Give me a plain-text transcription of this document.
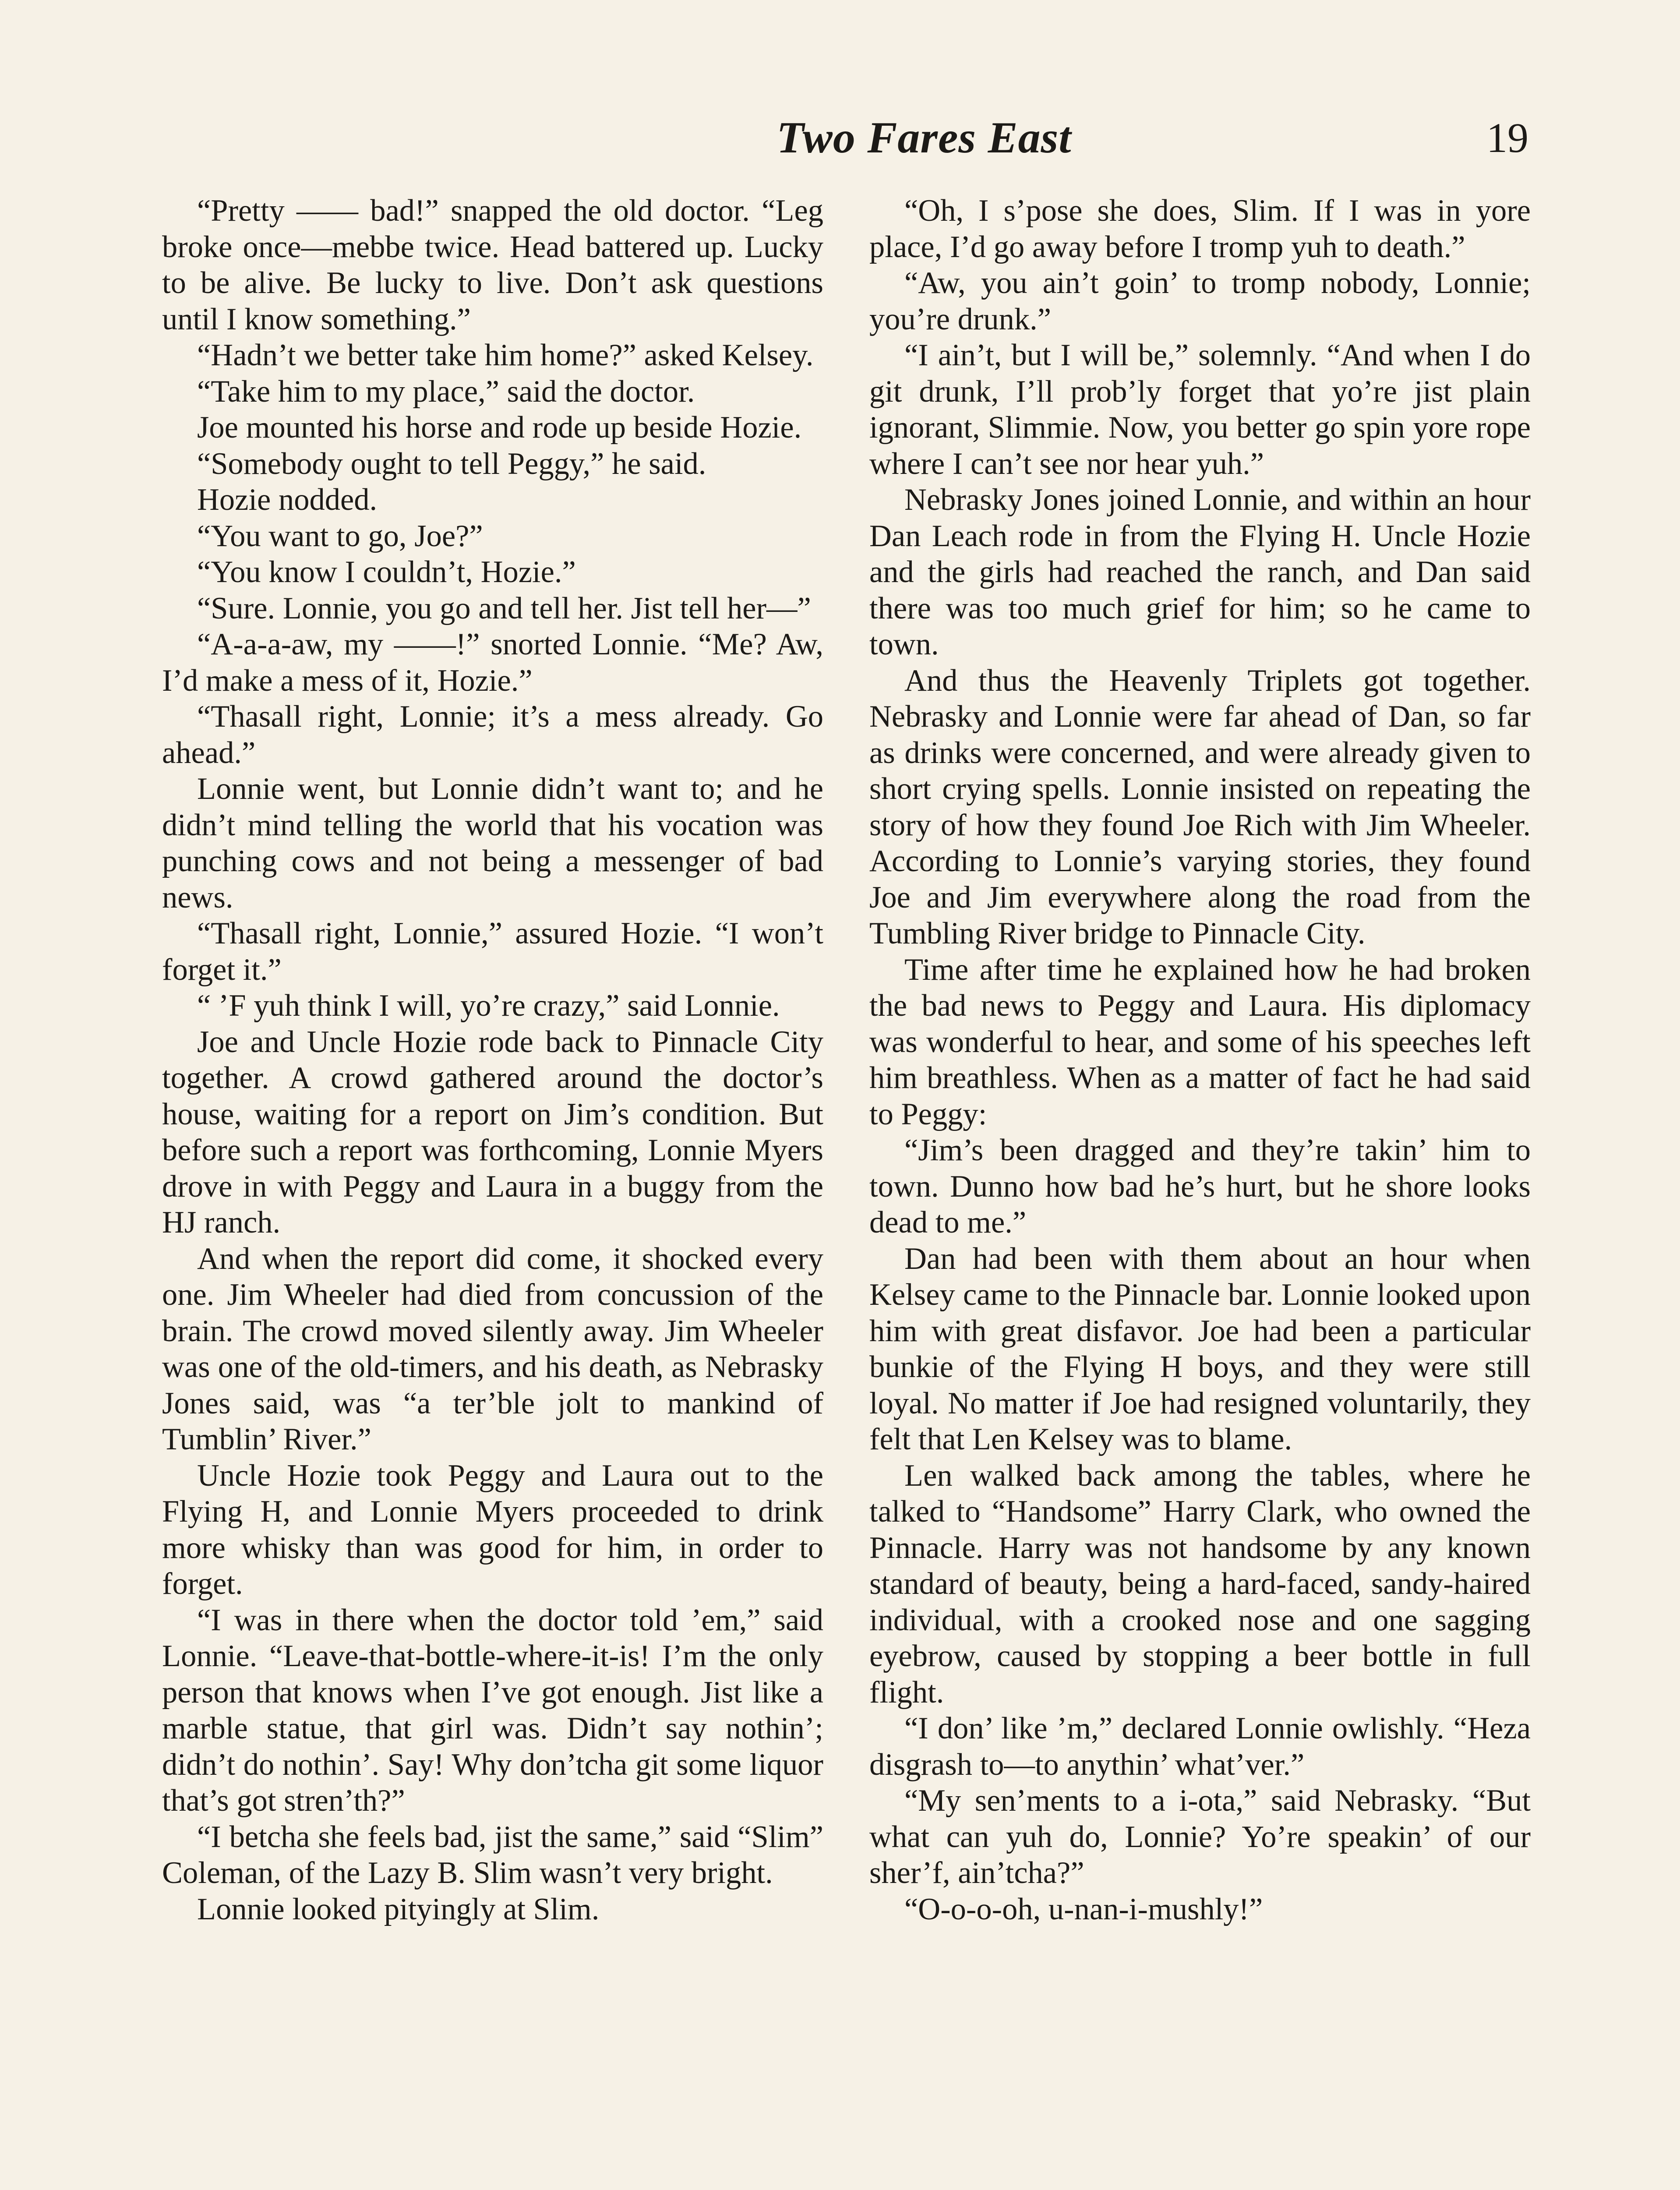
Two Fares East	19

“Pretty —— bad!” snapped the old doctor. “Leg broke once—mebbe twice. Head battered up. Lucky to be alive. Be lucky to live. Don’t ask questions until I know something.”

“Hadn’t we better take him home?” asked Kelsey.

“Take him to my place,” said the doctor.

Joe mounted his horse and rode up beside Hozie.

“Somebody ought to tell Peggy,” he said.

Hozie nodded.

“You want to go, Joe?”

“You know I couldn’t, Hozie.”

“Sure. Lonnie, you go and tell her. Jist tell her—”

“A-a-a-aw, my ——!” snorted Lonnie. “Me? Aw, I’d make a mess of it, Hozie.”

“Thasall right, Lonnie; it’s a mess already. Go ahead.”

Lonnie went, but Lonnie didn’t want to; and he didn’t mind telling the world that his vocation was punching cows and not being a messenger of bad news.

“Thasall right, Lonnie,” assured Hozie. “I won’t forget it.”

“ ’F yuh think I will, yo’re crazy,” said Lonnie.

Joe and Uncle Hozie rode back to Pinnacle City together. A crowd gathered around the doctor’s house, waiting for a report on Jim’s condition. But before such a report was forthcoming, Lonnie Myers drove in with Peggy and Laura in a buggy from the HJ ranch.

And when the report did come, it shocked every one. Jim Wheeler had died from concussion of the brain. The crowd moved silently away. Jim Wheeler was one of the old-timers, and his death, as Nebrasky Jones said, was “a ter’ble jolt to mankind of Tumblin’ River.”

Uncle Hozie took Peggy and Laura out to the Flying H, and Lonnie Myers proceeded to drink more whisky than was good for him, in order to forget.

“I was in there when the doctor told ’em,” said Lonnie. “Leave-that-bottle-where-it-is! I’m the only person that knows when I’ve got enough. Jist like a marble statue, that girl was. Didn’t say nothin’; didn’t do nothin’. Say! Why don’tcha git some liquor that’s got stren’th?”

“I betcha she feels bad, jist the same,” said “Slim” Coleman, of the Lazy B. Slim wasn’t very bright.

Lonnie looked pityingly at Slim.

“Oh, I s’pose she does, Slim. If I was in yore place, I’d go away before I tromp yuh to death.”

“Aw, you ain’t goin’ to tromp nobody, Lonnie; you’re drunk.”

“I ain’t, but I will be,” solemnly. “And when I do git drunk, I’ll prob’ly forget that yo’re jist plain ignorant, Slimmie. Now, you better go spin yore rope where I can’t see nor hear yuh.”

Nebrasky Jones joined Lonnie, and within an hour Dan Leach rode in from the Flying H. Uncle Hozie and the girls had reached the ranch, and Dan said there was too much grief for him; so he came to town.

And thus the Heavenly Triplets got together. Nebrasky and Lonnie were far ahead of Dan, so far as drinks were concerned, and were already given to short crying spells. Lonnie insisted on repeating the story of how they found Joe Rich with Jim Wheeler. According to Lonnie’s varying stories, they found Joe and Jim everywhere along the road from the Tumbling River bridge to Pinnacle City.

Time after time he explained how he had broken the bad news to Peggy and Laura. His diplomacy was wonderful to hear, and some of his speeches left him breathless. When as a matter of fact he had said to Peggy:

“Jim’s been dragged and they’re takin’ him to town. Dunno how bad he’s hurt, but he shore looks dead to me.”

Dan had been with them about an hour when Kelsey came to the Pinnacle bar. Lonnie looked upon him with great disfavor. Joe had been a particular bunkie of the Flying H boys, and they were still loyal. No matter if Joe had resigned voluntarily, they felt that Len Kelsey was to blame.

Len walked back among the tables, where he talked to “Handsome” Harry Clark, who owned the Pinnacle. Harry was not handsome by any known standard of beauty, being a hard-faced, sandy-haired individual, with a crooked nose and one sagging eyebrow, caused by stopping a beer bottle in full flight.

“I don’ like ’m,” declared Lonnie owlishly. “Heza disgrash to—to anythin’ what’ver.”

“My sen’ments to a i-ota,” said Nebrasky. “But what can yuh do, Lonnie? Yo’re speakin’ of our sher’f, ain’tcha?”

“O-o-o-oh, u-nan-i-mushly!”
